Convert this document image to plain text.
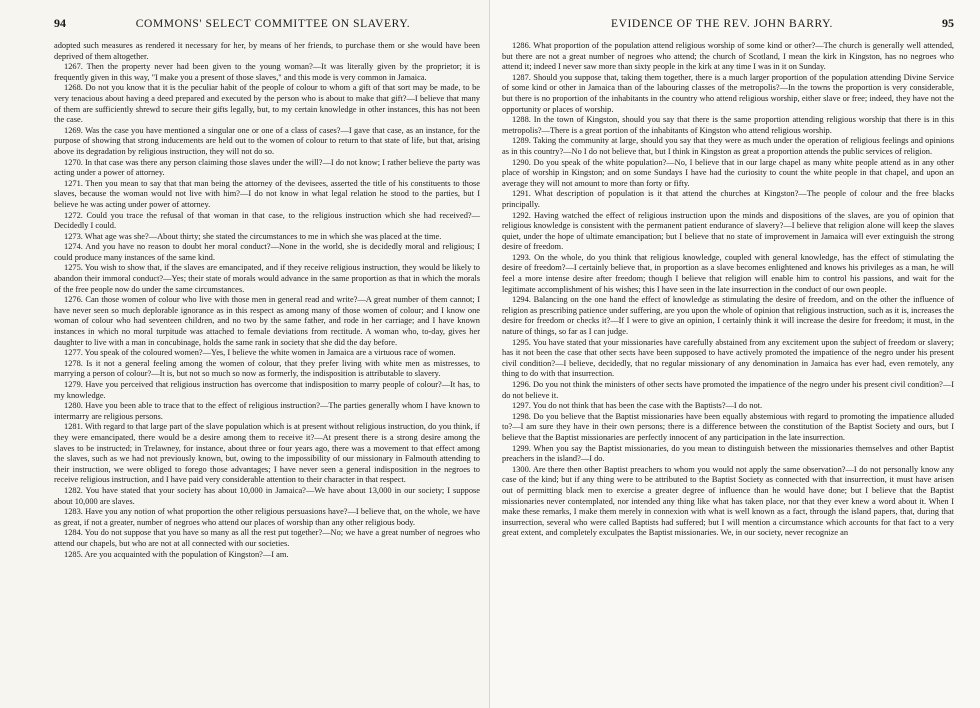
94	COMMONS' SELECT COMMITTEE ON SLAVERY.

adopted such measures as rendered it necessary for her, by means of her friends, to purchase them or she would have been deprived of them altogether.

1267. Then the property never had been given to the young woman?—It was literally given by the proprietor; it is frequently given in this way, "I make you a present of those slaves," and this mode is very common in Jamaica.

1268. Do not you know that it is the peculiar habit of the people of colour to whom a gift of that sort may be made, to be very tenacious about having a deed prepared and executed by the person who is about to make that gift?—I believe that many of them are sufficiently shrewd to secure their gifts legally, but, to my certain knowledge in other instances, this has not been the case.

1269. Was the case you have mentioned a singular one or one of a class of cases?—I gave that case, as an instance, for the purpose of showing that strong inducements are held out to the women of colour to return to that state of life, but that, arising above its degradation by religious instruction, they will not do so.

1270. In that case was there any person claiming those slaves under the will?—I do not know; I rather believe the party was acting under a power of attorney.

1271. Then you mean to say that that man being the attorney of the devisees, asserted the title of his constituents to those slaves, because the woman would not live with him?—I do not know in what legal relation he stood to the parties, but I believe he was acting under power of attorney.

1272. Could you trace the refusal of that woman in that case, to the religious instruction which she had received?—Decidedly I could.

1273. What age was she?—About thirty; she stated the circumstances to me in which she was placed at the time.

1274. And you have no reason to doubt her moral conduct?—None in the world, she is decidedly moral and religious; I could produce many instances of the same kind.

1275. You wish to show that, if the slaves are emancipated, and if they receive religious instruction, they would be likely to abandon their immoral conduct?—Yes; their state of morals would advance in the same proportion as that in which the morals of the free people now do under the same circumstances.

1276. Can those women of colour who live with those men in general read and write?—A great number of them cannot; I have never seen so much deplorable ignorance as in this respect as among many of those women of colour; and I know one woman of colour who had seventeen children, and no two by the same father, and rode in her carriage; and I have known instances in which no moral turpitude was attached to female deviations from rectitude. A woman who, to-day, gives her daughter to live with a man in concubinage, holds the same rank in society that she did the day before.

1277. You speak of the coloured women?—Yes, I believe the white women in Jamaica are a virtuous race of women.

1278. Is it not a general feeling among the women of colour, that they prefer living with white men as mistresses, to marrying a person of colour?—It is, but not so much so now as formerly, the indisposition is attributable to slavery.

1279. Have you perceived that religious instruction has overcome that indisposition to marry people of colour?—It has, to my knowledge.

1280. Have you been able to trace that to the effect of religious instruction?—The parties generally whom I have known to intermarry are religious persons.

1281. With regard to that large part of the slave population which is at present without religious instruction, do you think, if they were emancipated, there would be a desire among them to receive it?—At present there is a strong desire among the slaves to be instructed; in Trelawney, for instance, about three or four years ago, there was a movement to that effect among the slaves, such as we had not previously known, but, owing to the impossibility of our missionary in Falmouth attending to their instruction, we were obliged to forego those advantages; I have never seen a general indisposition in the negroes to receive religious instruction, and I have paid very considerable attention to their character in that respect.

1282. You have stated that your society has about 10,000 in Jamaica?—We have about 13,000 in our society; I suppose about 10,000 are slaves.

1283. Have you any notion of what proportion the other religious persuasions have?—I believe that, on the whole, we have as great, if not a greater, number of negroes who attend our places of worship than any other religious body.

1284. You do not suppose that you have so many as all the rest put together?—No; we have a great number of negroes who attend our chapels, but who are not at all connected with our societies.

1285. Are you acquainted with the population of Kingston?—I am.

EVIDENCE OF THE REV. JOHN BARRY.	95

1286. What proportion of the population attend religious worship of some kind or other?—The church is generally well attended, but there are not a great number of negroes who attend; the church of Scotland, I mean the kirk in Kingston, has no negroes who attend it; indeed I never saw more than sixty people in the kirk at any time I was in it on Sunday.

1287. Should you suppose that, taking them together, there is a much larger proportion of the population attending Divine Service of some kind or other in Jamaica than of the labouring classes of the metropolis?—In the towns the proportion is very considerable, but there is no proportion of the inhabitants in the country who attend religious worship, either slave or free; indeed, they have not the opportunity or places of worship.

1288. In the town of Kingston, should you say that there is the same proportion attending religious worship that there is in this metropolis?—There is a great portion of the inhabitants of Kingston who attend religious worship.

1289. Taking the community at large, should you say that they were as much under the operation of religious feelings and opinions as in this country?—No I do not believe that, but I think in Kingston as great a proportion attends the public services of religion.

1290. Do you speak of the white population?—No, I believe that in our large chapel as many white people attend as in any other place of worship in Kingston; and on some Sundays I have had the curiosity to count the white people in that chapel, and upon an average they will not amount to more than forty or fifty.

1291. What description of population is it that attend the churches at Kingston?—The people of colour and the free blacks principally.

1292. Having watched the effect of religious instruction upon the minds and dispositions of the slaves, are you of opinion that religious knowledge is consistent with the permanent patient endurance of slavery?—I believe that religion alone will keep the slaves quiet, under the hope of ultimate emancipation; but I believe that no state of improvement in Jamaica will ever extinguish the strong desire of freedom.

1293. On the whole, do you think that religious knowledge, coupled with general knowledge, has the effect of stimulating the desire of freedom?—I certainly believe that, in proportion as a slave becomes enlightened and knows his privileges as a man, he will feel a more intense desire after freedom; though I believe that religion will enable him to control his passions, and wait for the legitimate accomplishment of his wishes; this I have seen in the late insurrection in the conduct of our own people.

1294. Balancing on the one hand the effect of knowledge as stimulating the desire of freedom, and on the other the influence of religion as prescribing patience under suffering, are you upon the whole of opinion that religious instruction, such as it is, increases the desire for freedom or checks it?—If I were to give an opinion, I certainly think it will increase the desire for freedom; it must, in the nature of things, so far as I can judge.

1295. You have stated that your missionaries have carefully abstained from any excitement upon the subject of freedom or slavery; has it not been the case that other sects have been supposed to have actively promoted the impatience of the negro under his present civil condition?—I believe, decidedly, that no regular missionary of any denomination in Jamaica has ever had, even remotely, any thing to do with that insurrection.

1296. Do you not think the ministers of other sects have promoted the impatience of the negro under his present civil condition?—I do not believe it.

1297. You do not think that has been the case with the Baptists?—I do not.

1298. Do you believe that the Baptist missionaries have been equally abstemious with regard to promoting the impatience alluded to?—I am sure they have in their own persons; there is a difference between the constitution of the Baptist Society and ours, but I believe that the Baptist missionaries are perfectly innocent of any participation in the late insurrection.

1299. When you say the Baptist missionaries, do you mean to distinguish between the missionaries themselves and other Baptist preachers in the island?—I do.

1300. Are there then other Baptist preachers to whom you would not apply the same observation?—I do not personally know any case of the kind; but if any thing were to be attributed to the Baptist Society as connected with that insurrection, it must have arisen out of permitting black men to exercise a greater degree of influence than he would have done; but I believe that the Baptist missionaries never contemplated, nor intended any thing like what has taken place, nor that they ever knew a word about it. When I make these remarks, I make them merely in connexion with what is well known as a fact, through the island papers, that, during that insurrection, several who were called Baptists had suffered; but I will mention a circumstance which accounts for that fact to a very great extent, and completely exculpates the Baptist missionaries. We, in our society, never recognize an
